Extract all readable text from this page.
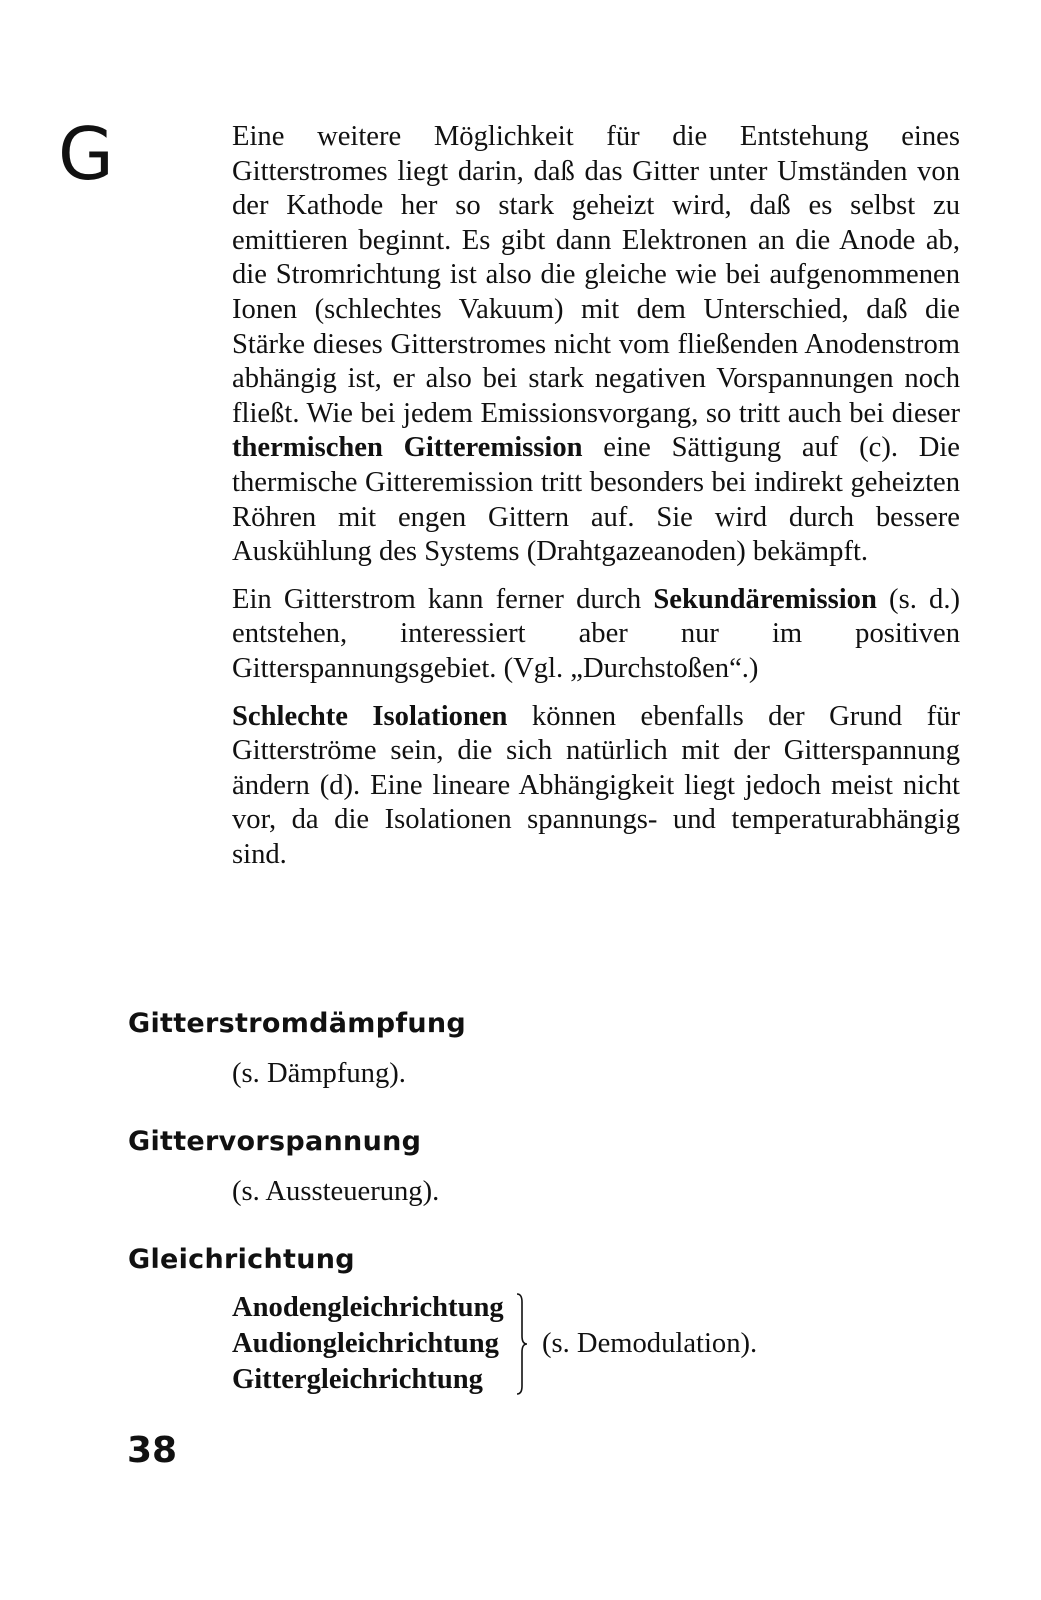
G	Eine weitere Möglichkeit für die Entstehung eines Gitterstromes liegt darin, daß das Gitter unter Umständen von der Kathode her so stark geheizt wird, daß es selbst zu emittieren beginnt. Es gibt dann Elektronen an die Anode ab, die Stromrichtung ist also die gleiche wie bei aufgenommenen Ionen (schlechtes Vakuum) mit dem Unterschied, daß die Stärke dieses Gitterstromes nicht vom fließenden Anodenstrom abhängig ist, er also bei stark negativen Vorspannungen noch fließt. Wie bei jedem Emissionsvorgang, so tritt auch bei dieser thermischen Gitteremission eine Sättigung auf (c). Die thermische Gitteremission tritt besonders bei indirekt geheizten Röhren mit engen Gittern auf. Sie wird durch bessere Auskühlung des Systems (Drahtgazeanoden) bekämpft.

Ein Gitterstrom kann ferner durch Sekundäremission (s. d.) entstehen, interessiert aber nur im positiven Gitterspannungsgebiet. (Vgl. „Durchstoßen“.)

Schlechte Isolationen können ebenfalls der Grund für Gitterströme sein, die sich natürlich mit der Gitterspannung ändern (d). Eine lineare Abhängigkeit liegt jedoch meist nicht vor, da die Isolationen spannungs- und temperaturabhängig sind.

Gitterstromdämpfung
(s. Dämpfung).
Gittervorspannung
(s. Aussteuerung).
Gleichrichtung
Anodengleichrichtung
Audiongleichrichtung
Gittergleichrichtung
(s. Demodulation).
38
